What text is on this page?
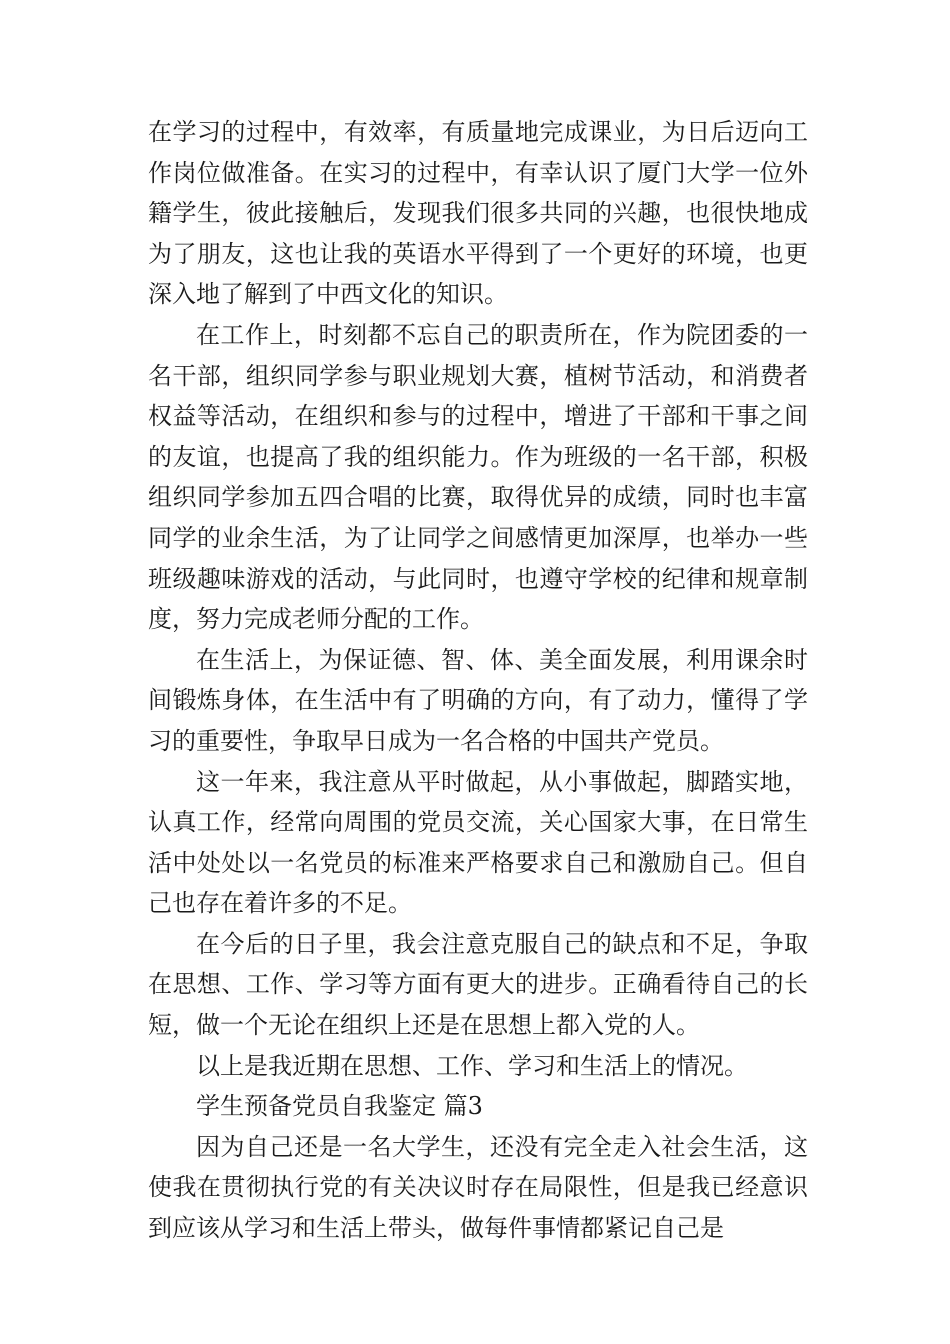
在学习的过程中，有效率，有质量地完成课业，为日后迈向工作岗位做准备。在实习的过程中，有幸认识了厦门大学一位外籍学生，彼此接触后，发现我们很多共同的兴趣，也很快地成为了朋友，这也让我的英语水平得到了一个更好的环境，也更深入地了解到了中西文化的知识。

在工作上，时刻都不忘自己的职责所在，作为院团委的一名干部，组织同学参与职业规划大赛，植树节活动，和消费者权益等活动，在组织和参与的过程中，增进了干部和干事之间的友谊，也提高了我的组织能力。作为班级的一名干部，积极组织同学参加五四合唱的比赛，取得优异的成绩，同时也丰富同学的业余生活，为了让同学之间感情更加深厚，也举办一些班级趣味游戏的活动，与此同时，也遵守学校的纪律和规章制度，努力完成老师分配的工作。

在生活上，为保证德、智、体、美全面发展，利用课余时间锻炼身体，在生活中有了明确的方向，有了动力，懂得了学习的重要性，争取早日成为一名合格的中国共产党员。

这一年来，我注意从平时做起，从小事做起，脚踏实地，认真工作，经常向周围的党员交流，关心国家大事，在日常生活中处处以一名党员的标准来严格要求自己和激励自己。但自己也存在着许多的不足。

在今后的日子里，我会注意克服自己的缺点和不足，争取在思想、工作、学习等方面有更大的进步。正确看待自己的长短，做一个无论在组织上还是在思想上都入党的人。

以上是我近期在思想、工作、学习和生活上的情况。

学生预备党员自我鉴定 篇3

因为自己还是一名大学生，还没有完全走入社会生活，这使我在贯彻执行党的有关决议时存在局限性，但是我已经意识到应该从学习和生活上带头，做每件事情都紧记自己是
